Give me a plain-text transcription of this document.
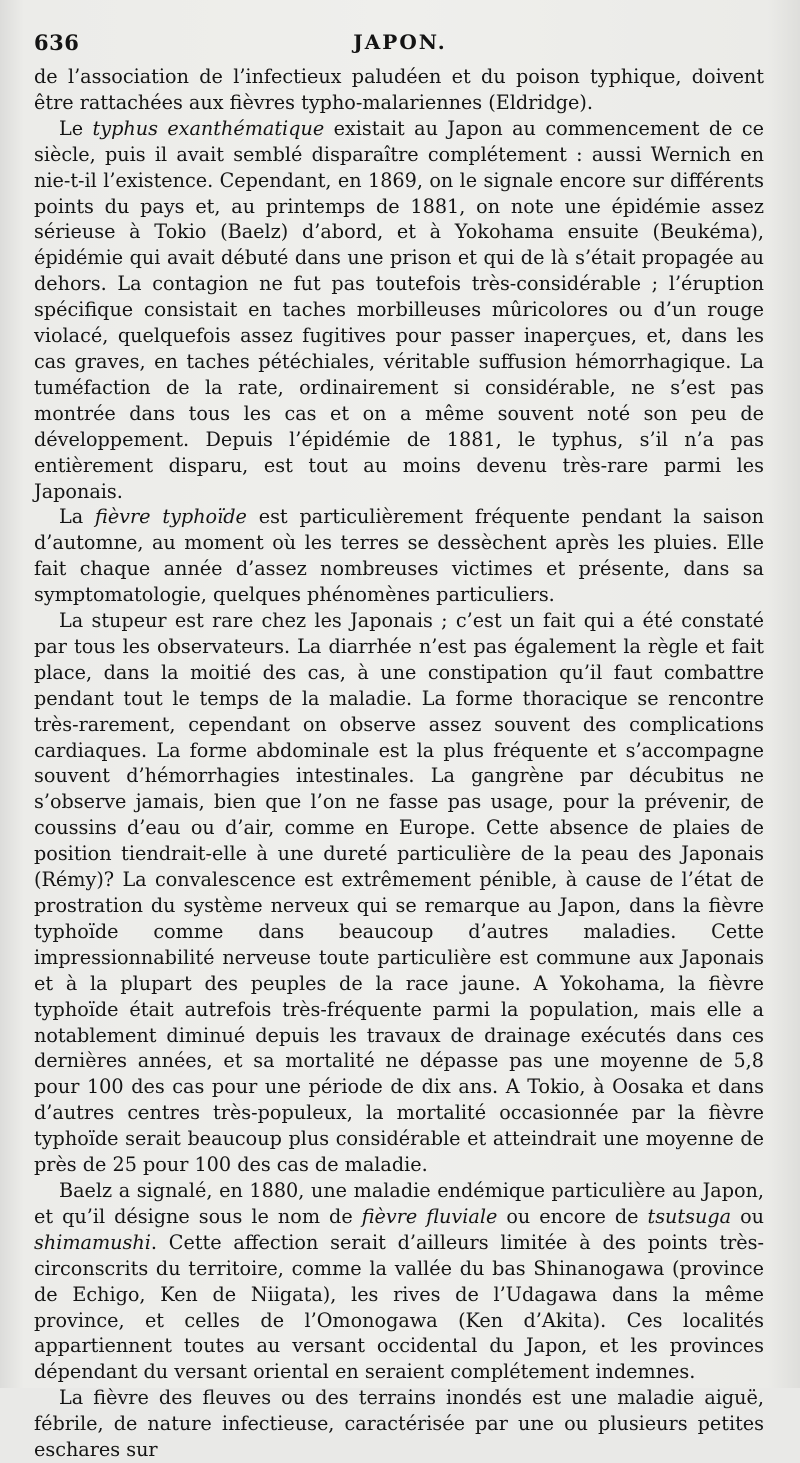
636	JAPON.

de l’association de l’infectieux paludéen et du poison typhique, doivent être rattachées aux fièvres typho-malariennes (Eldridge).

Le typhus exanthématique existait au Japon au commencement de ce siècle, puis il avait semblé disparaître complétement : aussi Wernich en nie-t-il l’existence. Cependant, en 1869, on le signale encore sur différents points du pays et, au printemps de 1881, on note une épidémie assez sérieuse à Tokio (Baelz) d’abord, et à Yokohama ensuite (Beukéma), épidémie qui avait débuté dans une prison et qui de là s’était propagée au dehors. La contagion ne fut pas toutefois très-considérable ; l’éruption spécifique consistait en taches morbilleuses mûricolores ou d’un rouge violacé, quelquefois assez fugitives pour passer inaperçues, et, dans les cas graves, en taches pétéchiales, véritable suffusion hémorrhagique. La tuméfaction de la rate, ordinairement si considérable, ne s’est pas montrée dans tous les cas et on a même souvent noté son peu de développement. Depuis l’épidémie de 1881, le typhus, s’il n’a pas entièrement disparu, est tout au moins devenu très-rare parmi les Japonais.

La fièvre typhoïde est particulièrement fréquente pendant la saison d’automne, au moment où les terres se dessèchent après les pluies. Elle fait chaque année d’assez nombreuses victimes et présente, dans sa symptomatologie, quelques phénomènes particuliers.

La stupeur est rare chez les Japonais ; c’est un fait qui a été constaté par tous les observateurs. La diarrhée n’est pas également la règle et fait place, dans la moitié des cas, à une constipation qu’il faut combattre pendant tout le temps de la maladie. La forme thoracique se rencontre très-rarement, cependant on observe assez souvent des complications cardiaques. La forme abdominale est la plus fréquente et s’accompagne souvent d’hémorrhagies intestinales. La gangrène par décubitus ne s’observe jamais, bien que l’on ne fasse pas usage, pour la prévenir, de coussins d’eau ou d’air, comme en Europe. Cette absence de plaies de position tiendrait-elle à une dureté particulière de la peau des Japonais (Rémy)? La convalescence est extrêmement pénible, à cause de l’état de prostration du système nerveux qui se remarque au Japon, dans la fièvre typhoïde comme dans beaucoup d’autres maladies. Cette impressionnabilité nerveuse toute particulière est commune aux Japonais et à la plupart des peuples de la race jaune. A Yokohama, la fièvre typhoïde était autrefois très-fréquente parmi la population, mais elle a notablement diminué depuis les travaux de drainage exécutés dans ces dernières années, et sa mortalité ne dépasse pas une moyenne de 5,8 pour 100 des cas pour une période de dix ans. A Tokio, à Oosaka et dans d’autres centres très-populeux, la mortalité occasionnée par la fièvre typhoïde serait beaucoup plus considérable et atteindrait une moyenne de près de 25 pour 100 des cas de maladie.

Baelz a signalé, en 1880, une maladie endémique particulière au Japon, et qu’il désigne sous le nom de fièvre fluviale ou encore de tsutsuga ou shimamushi. Cette affection serait d’ailleurs limitée à des points très-circonscrits du territoire, comme la vallée du bas Shinanogawa (province de Echigo, Ken de Niigata), les rives de l’Udagawa dans la même province, et celles de l’Omonogawa (Ken d’Akita). Ces localités appartiennent toutes au versant occidental du Japon, et les provinces dépendant du versant oriental en seraient complétement indemnes.

La fièvre des fleuves ou des terrains inondés est une maladie aiguë, fébrile, de nature infectieuse, caractérisée par une ou plusieurs petites eschares sur
